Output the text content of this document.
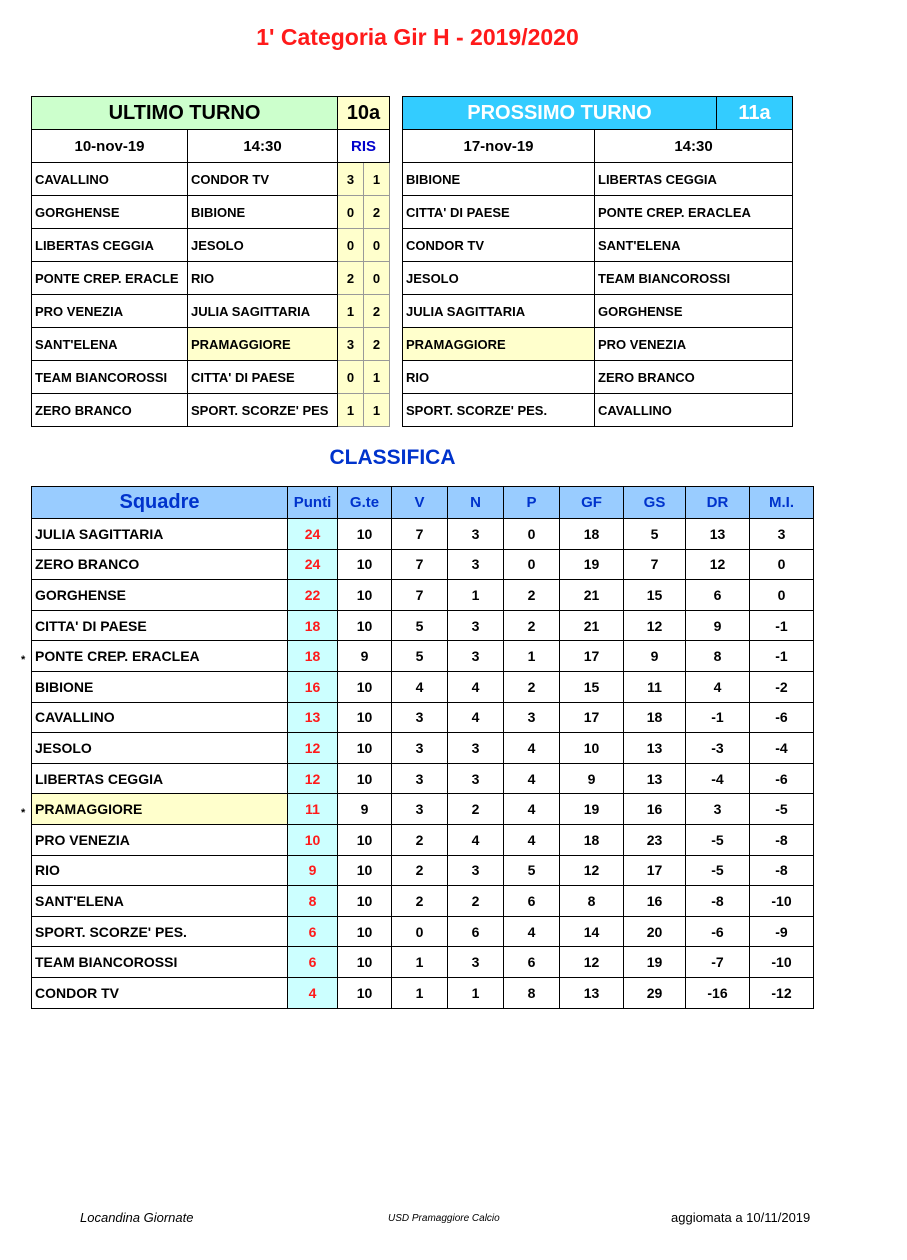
1' Categoria Gir H - 2019/2020
ULTIMO TURNO		10a	
10-nov-19	14:30	RIS	
CAVALLINO	CONDOR TV	3	1
GORGHENSE	BIBIONE	0	2
LIBERTAS CEGGIA	JESOLO	0	0
PONTE CREP. ERACLE	RIO	2	0
PRO VENEZIA	JULIA SAGITTARIA	1	2
SANT'ELENA	PRAMAGGIORE	3	2
TEAM BIANCOROSSI	CITTA' DI PAESE	0	1
ZERO BRANCO	SPORT. SCORZE' PES	1	1
PROSSIMO TURNO		11a
17-nov-19	14:30	
BIBIONE	LIBERTAS CEGGIA	
CITTA' DI PAESE	PONTE CREP. ERACLEA	
CONDOR TV	SANT'ELENA	
JESOLO	TEAM BIANCOROSSI	
JULIA SAGITTARIA	GORGHENSE	
PRAMAGGIORE	PRO VENEZIA	
RIO	ZERO BRANCO	
SPORT. SCORZE' PES.	CAVALLINO	
CLASSIFICA
Squadre	Punti	G.te	V	N	P	GF	GS	DR	M.I.
JULIA SAGITTARIA	24	10	7	3	0	18	5	13	3
ZERO BRANCO	24	10	7	3	0	19	7	12	0
GORGHENSE	22	10	7	1	2	21	15	6	0
CITTA' DI PAESE	18	10	5	3	2	21	12	9	-1
PONTE CREP. ERACLEA	18	9	5	3	1	17	9	8	-1
BIBIONE	16	10	4	4	2	15	11	4	-2
CAVALLINO	13	10	3	4	3	17	18	-1	-6
JESOLO	12	10	3	3	4	10	13	-3	-4
LIBERTAS CEGGIA	12	10	3	3	4	9	13	-4	-6
PRAMAGGIORE	11	9	3	2	4	19	16	3	-5
PRO VENEZIA	10	10	2	4	4	18	23	-5	-8
RIO	9	10	2	3	5	12	17	-5	-8
SANT'ELENA	8	10	2	2	6	8	16	-8	-10
SPORT. SCORZE' PES.	6	10	0	6	4	14	20	-6	-9
TEAM BIANCOROSSI	6	10	1	3	6	12	19	-7	-10
CONDOR TV	4	10	1	1	8	13	29	-16	-12
*
*
Locandina Giornate	USD Pramaggiore Calcio	aggiomata a 10/11/2019
